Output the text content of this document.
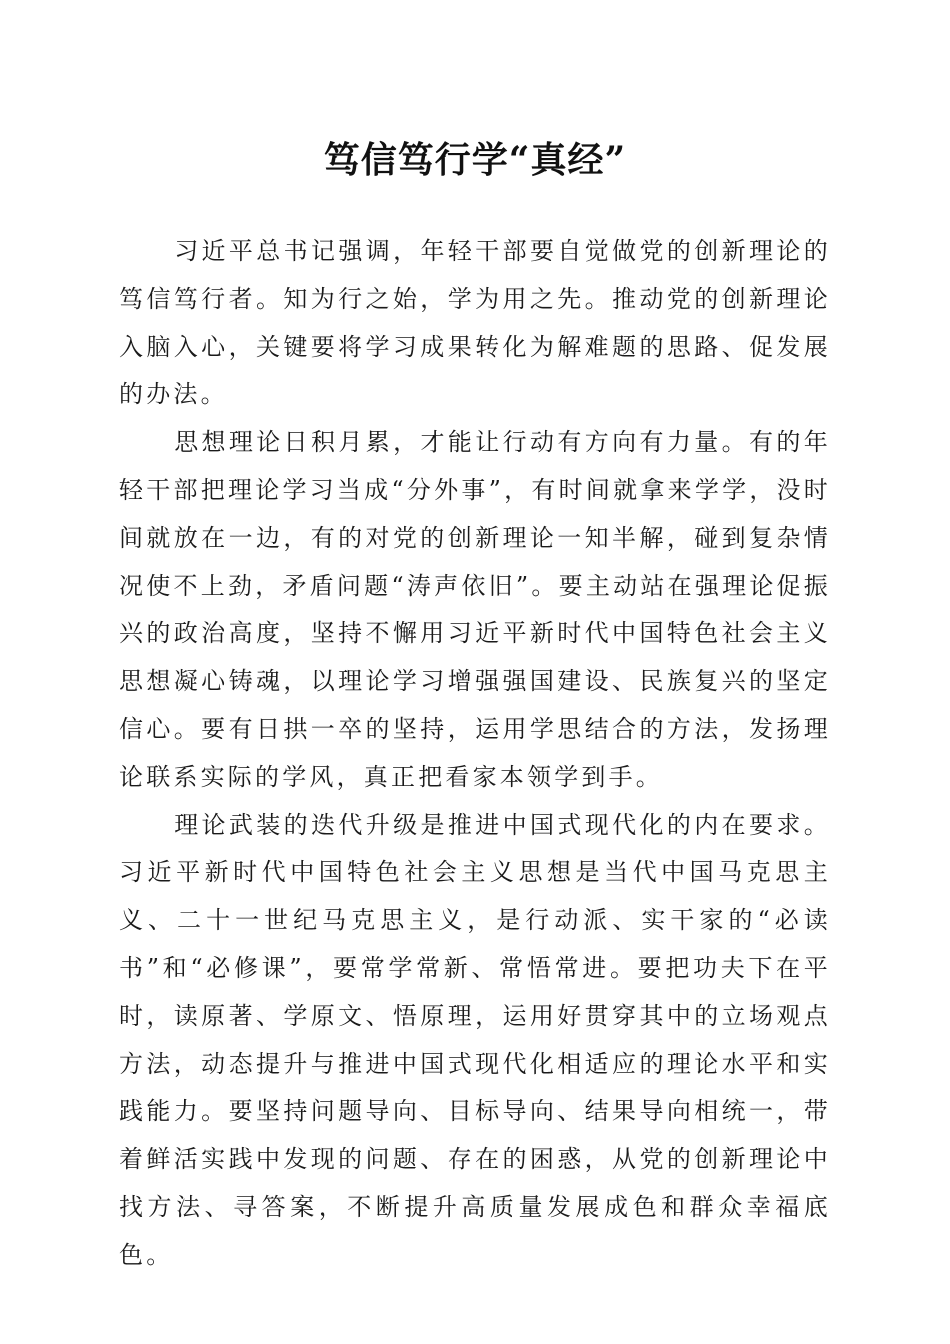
笃信笃行学“真经”

习近平总书记强调，年轻干部要自觉做党的创新理论的笃信笃行者。知为行之始，学为用之先。推动党的创新理论入脑入心，关键要将学习成果转化为解难题的思路、促发展的办法。

思想理论日积月累，才能让行动有方向有力量。有的年轻干部把理论学习当成“分外事”，有时间就拿来学学，没时间就放在一边，有的对党的创新理论一知半解，碰到复杂情况使不上劲，矛盾问题“涛声依旧”。要主动站在强理论促振兴的政治高度，坚持不懈用习近平新时代中国特色社会主义思想凝心铸魂，以理论学习增强强国建设、民族复兴的坚定信心。要有日拱一卒的坚持，运用学思结合的方法，发扬理论联系实际的学风，真正把看家本领学到手。

理论武装的迭代升级是推进中国式现代化的内在要求。习近平新时代中国特色社会主义思想是当代中国马克思主义、二十一世纪马克思主义，是行动派、实干家的“必读书”和“必修课”，要常学常新、常悟常进。要把功夫下在平时，读原著、学原文、悟原理，运用好贯穿其中的立场观点方法，动态提升与推进中国式现代化相适应的理论水平和实践能力。要坚持问题导向、目标导向、结果导向相统一，带着鲜活实践中发现的问题、存在的困惑，从党的创新理论中找方法、寻答案，不断提升高质量发展成色和群众幸福底色。
